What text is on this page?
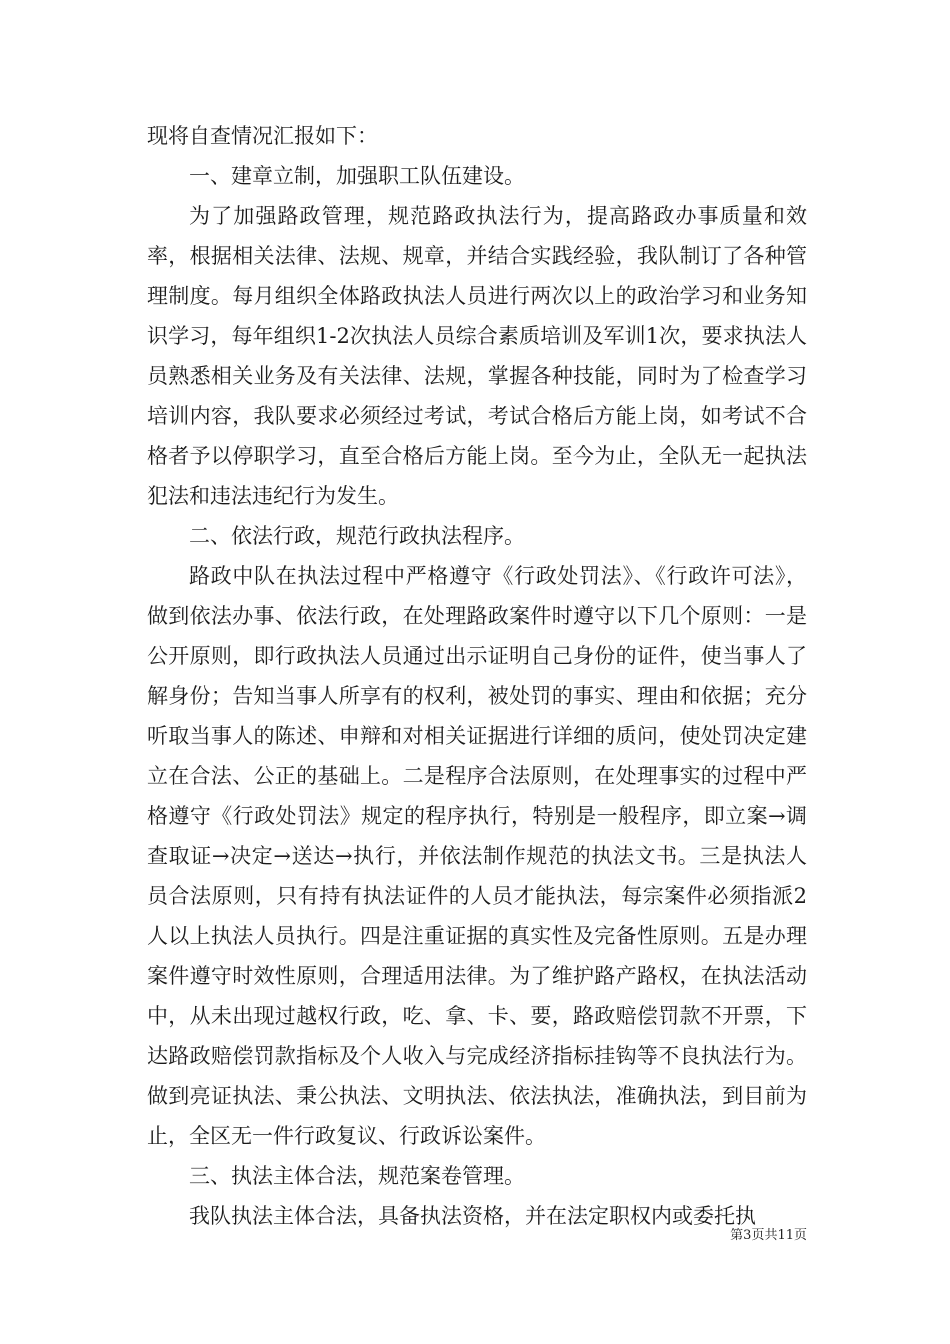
现将自查情况汇报如下：

一、建章立制，加强职工队伍建设。

为了加强路政管理，规范路政执法行为，提高路政办事质量和效率，根据相关法律、法规、规章，并结合实践经验，我队制订了各种管理制度。每月组织全体路政执法人员进行两次以上的政治学习和业务知识学习，每年组织1-2次执法人员综合素质培训及军训1次，要求执法人员熟悉相关业务及有关法律、法规，掌握各种技能，同时为了检查学习培训内容，我队要求必须经过考试，考试合格后方能上岗，如考试不合格者予以停职学习，直至合格后方能上岗。至今为止，全队无一起执法犯法和违法违纪行为发生。

二、依法行政，规范行政执法程序。

路政中队在执法过程中严格遵守《行政处罚法》、《行政许可法》，做到依法办事、依法行政，在处理路政案件时遵守以下几个原则：一是公开原则，即行政执法人员通过出示证明自己身份的证件，使当事人了解身份；告知当事人所享有的权利，被处罚的事实、理由和依据；充分听取当事人的陈述、申辩和对相关证据进行详细的质问，使处罚决定建立在合法、公正的基础上。二是程序合法原则，在处理事实的过程中严格遵守《行政处罚法》规定的程序执行，特别是一般程序，即立案→调查取证→决定→送达→执行，并依法制作规范的执法文书。三是执法人员合法原则，只有持有执法证件的人员才能执法，每宗案件必须指派2人以上执法人员执行。四是注重证据的真实性及完备性原则。五是办理案件遵守时效性原则，合理适用法律。为了维护路产路权，在执法活动中，从未出现过越权行政，吃、拿、卡、要，路政赔偿罚款不开票，下达路政赔偿罚款指标及个人收入与完成经济指标挂钩等不良执法行为。做到亮证执法、秉公执法、文明执法、依法执法，准确执法，到目前为止，全区无一件行政复议、行政诉讼案件。

三、执法主体合法，规范案卷管理。

我队执法主体合法，具备执法资格，并在法定职权内或委托执

第3页共11页
